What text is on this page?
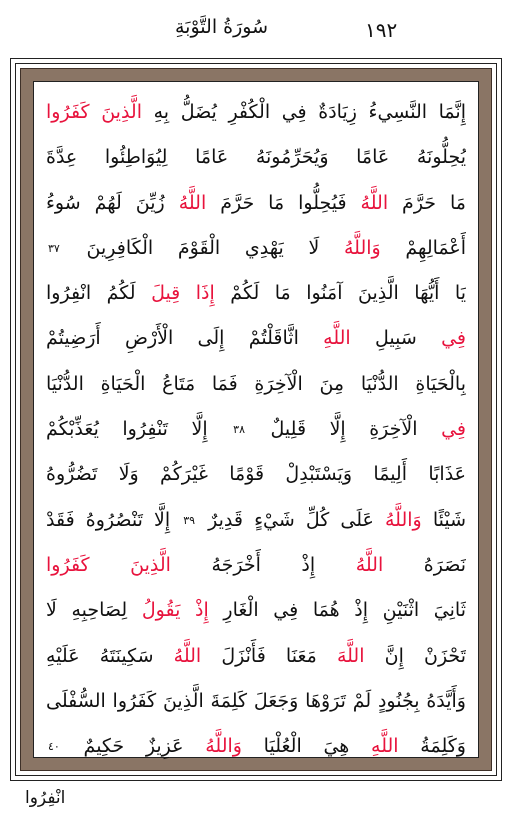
١٩٢
سُورَةُ التَّوْبَةِ
إِنَّمَا النَّسِيءُ زِيَادَةٌ فِي الْكُفْرِ يُضَلُّ بِهِ الَّذِينَ كَفَرُوا
يُحِلُّونَهُ عَامًا وَيُحَرِّمُونَهُ عَامًا لِيُوَاطِئُوا عِدَّةَ
مَا حَرَّمَ اللَّهُ فَيُحِلُّوا مَا حَرَّمَ اللَّهُ زُيِّنَ لَهُمْ سُوءُ
أَعْمَالِهِمْ وَاللَّهُ لَا يَهْدِي الْقَوْمَ الْكَافِرِينَ ٣٧
يَا أَيُّهَا الَّذِينَ آمَنُوا مَا لَكُمْ إِذَا قِيلَ لَكُمُ انْفِرُوا
فِي سَبِيلِ اللَّهِ اثَّاقَلْتُمْ إِلَى الْأَرْضِ أَرَضِيتُمْ
بِالْحَيَاةِ الدُّنْيَا مِنَ الْآخِرَةِ فَمَا مَتَاعُ الْحَيَاةِ الدُّنْيَا
فِي الْآخِرَةِ إِلَّا قَلِيلٌ ٣٨ إِلَّا تَنْفِرُوا يُعَذِّبْكُمْ
عَذَابًا أَلِيمًا وَيَسْتَبْدِلْ قَوْمًا غَيْرَكُمْ وَلَا تَضُرُّوهُ
شَيْئًا وَاللَّهُ عَلَى كُلِّ شَيْءٍ قَدِيرٌ ٣٩ إِلَّا تَنْصُرُوهُ فَقَدْ
نَصَرَهُ اللَّهُ إِذْ أَخْرَجَهُ الَّذِينَ كَفَرُوا
ثَانِيَ اثْنَيْنِ إِذْ هُمَا فِي الْغَارِ إِذْ يَقُولُ لِصَاحِبِهِ لَا
تَحْزَنْ إِنَّ اللَّهَ مَعَنَا فَأَنْزَلَ اللَّهُ سَكِينَتَهُ عَلَيْهِ
وَأَيَّدَهُ بِجُنُودٍ لَمْ تَرَوْهَا وَجَعَلَ كَلِمَةَ الَّذِينَ كَفَرُوا السُّفْلَى
وَكَلِمَةُ اللَّهِ هِيَ الْعُلْيَا وَاللَّهُ عَزِيزٌ حَكِيمٌ ٤٠
انْفِرُوا
